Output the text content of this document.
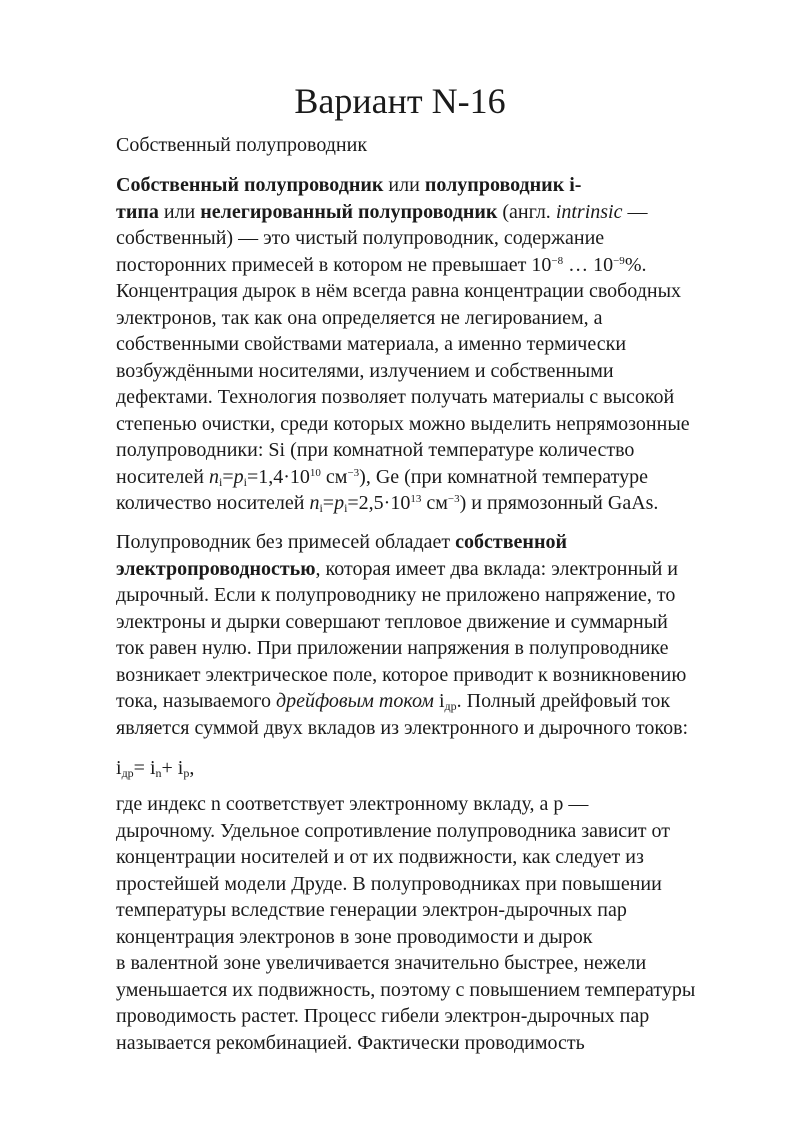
Вариант N-16

Собственный полупроводник

Собственный полупроводник или полупроводник i-
типа или нелегированный полупроводник (англ. intrinsic —
собственный) — это чистый полупроводник, содержание
посторонних примесей в котором не превышает $10^{-8}$ … $10^{-9}\%$.
Концентрация дырок в нём всегда равна концентрации свободных
электронов, так как она определяется не легированием, а
собственными свойствами материала, а именно термически
возбуждёнными носителями, излучением и собственными
дефектами. Технология позволяет получать материалы с высокой
степенью очистки, среди которых можно выделить непрямозонные
полупроводники: Si (при комнатной температуре количество
носителей $n_i=p_i=1,4\cdot 10^{10}$ $см^{-3}$), Ge (при комнатной температуре
количество носителей $n_i=p_i=2,5\cdot 10^{13}$ $см^{-3}$) и прямозонный GaAs.

Полупроводник без примесей обладает собственной
электропроводностью, которая имеет два вклада: электронный и
дырочный. Если к полупроводнику не приложено напряжение, то
электроны и дырки совершают тепловое движение и суммарный
ток равен нулю. При приложении напряжения в полупроводнике
возникает электрическое поле, которое приводит к возникновению
тока, называемого дрейфовым током $i_{др}$. Полный дрейфовый ток
является суммой двух вкладов из электронного и дырочного токов:

$i_{др}= i_n+ i_p$,

где индекс n соответствует электронному вкладу, а p —
дырочному. Удельное сопротивление полупроводника зависит от
концентрации носителей и от их подвижности, как следует из
простейшей модели Друде. В полупроводниках при повышении
температуры вследствие генерации электрон-дырочных пар
концентрация электронов в зоне проводимости и дырок
в валентной зоне увеличивается значительно быстрее, нежели
уменьшается их подвижность, поэтому с повышением температуры
проводимость растет. Процесс гибели электрон-дырочных пар
называется рекомбинацией. Фактически проводимость
